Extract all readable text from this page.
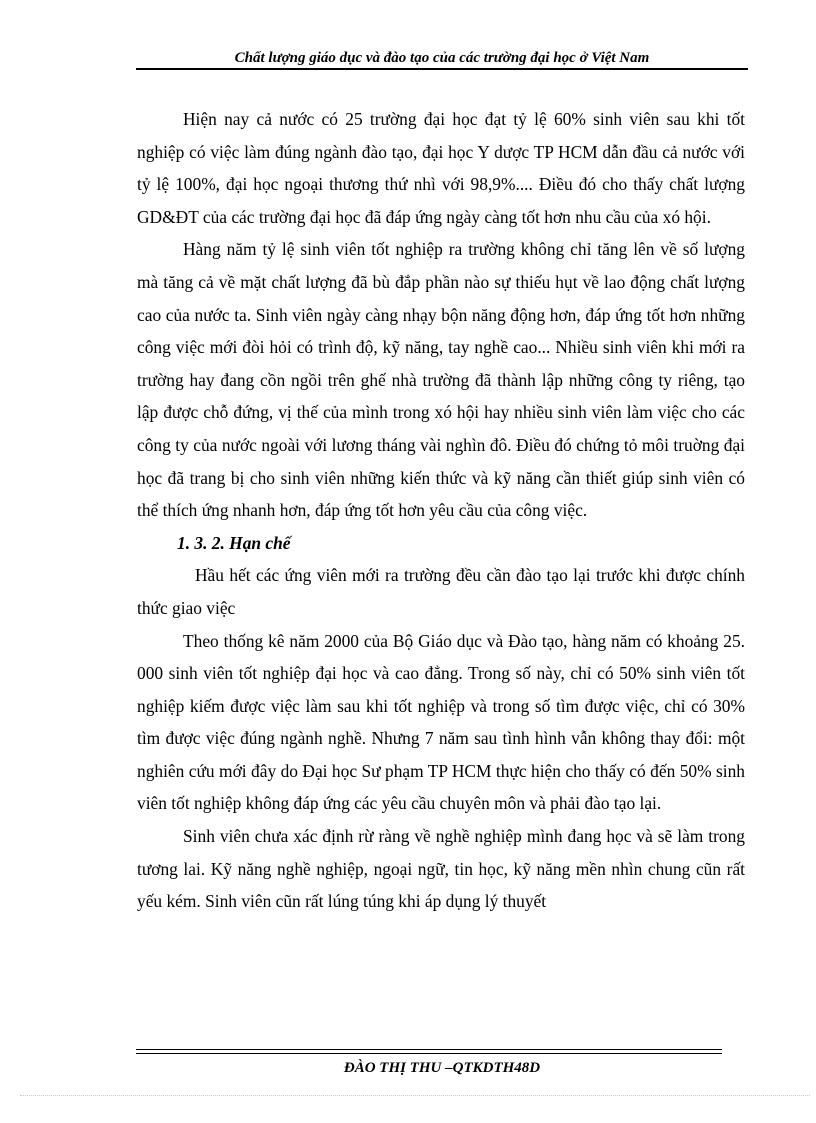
Chất lượng giáo dục và đào tạo của các trường đại học ở Việt Nam

Hiện nay cả nước có 25 trường đại học đạt tỷ lệ 60% sinh viên sau khi tốt nghiệp có việc làm đúng ngành đào tạo, đại học Y dược TP HCM dẫn đầu cả nước với tỷ lệ 100%, đại học ngoại thương thứ nhì với 98,9%.... Điều đó cho thấy chất lượng GD&ĐT của các trường đại học đã đáp ứng ngày càng tốt hơn nhu cầu của xó hội.

Hàng năm tỷ lệ sinh viên tốt nghiệp ra trường không chỉ tăng lên về số lượng mà tăng cả về mặt chất lượng đã bù đắp phần nào sự thiếu hụt về lao động chất lượng cao của nước ta. Sinh viên ngày càng nhạy bộn năng động hơn, đáp ứng tốt hơn những công việc mới đòi hỏi có trình độ, kỹ năng, tay nghề cao... Nhiều sinh viên khi mới ra trường hay đang cồn ngồi trên ghế nhà trường đã thành lập những công ty riêng, tạo lập được chỗ đứng, vị thế của mình trong xó hội hay nhiều sinh viên làm việc cho các công ty của nước ngoài với lương tháng vài nghìn đô. Điều đó chứng tỏ môi truờng đại học đã trang bị cho sinh viên những kiến thức và kỹ năng cần thiết giúp sinh viên có thể thích ứng nhanh hơn, đáp ứng tốt hơn yêu cầu của công việc.

1. 3. 2. Hạn chế

Hầu hết các ứng viên mới ra trường đều cần đào tạo lại trước khi được chính thức giao việc

Theo thống kê năm 2000 của Bộ Giáo dục và Đào tạo, hàng năm có khoảng 25. 000 sinh viên tốt nghiệp đại học và cao đẳng. Trong số này, chỉ có 50% sinh viên tốt nghiệp kiếm được việc làm sau khi tốt nghiệp và trong số tìm được việc, chỉ có 30% tìm được việc đúng ngành nghề. Nhưng 7 năm sau tình hình vẫn không thay đổi: một nghiên cứu mới đây do Đại học Sư phạm TP HCM thực hiện cho thấy có đến 50% sinh viên tốt nghiệp không đáp ứng các yêu cầu chuyên môn và phải đào tạo lại.

Sinh viên chưa xác định rừ ràng về nghề nghiệp mình đang học và sẽ làm trong tương lai. Kỹ năng nghề nghiệp, ngoại ngữ, tin học, kỹ năng mền nhìn chung cũn rất yếu kém. Sinh viên cũn rất lúng túng khi áp dụng lý thuyết

ĐÀO THỊ THU –QTKDTH48D
